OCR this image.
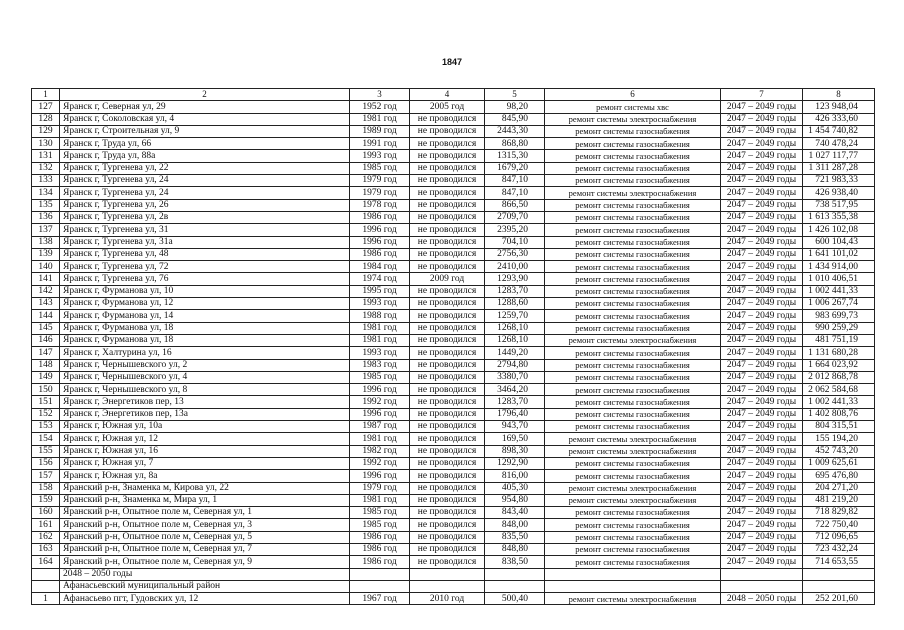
1847
1	2	3	4	5	6	7	8
127	Яранск г, Северная ул, 29	1952 год	2005 год	98,20	ремонт системы хвс	2047 – 2049 годы	123 948,04
128	Яранск г, Соколовская ул, 4	1981 год	не проводился	845,90	ремонт системы электроснабжения	2047 – 2049 годы	426 333,60
129	Яранск г, Строительная ул, 9	1989 год	не проводился	2443,30	ремонт системы газоснабжения	2047 – 2049 годы	1 454 740,82
130	Яранск г, Труда ул, 66	1991 год	не проводился	868,80	ремонт системы газоснабжения	2047 – 2049 годы	740 478,24
131	Яранск г, Труда ул, 88а	1993 год	не проводился	1315,30	ремонт системы газоснабжения	2047 – 2049 годы	1 027 117,77
132	Яранск г, Тургенева ул, 22	1985 год	не проводился	1679,20	ремонт системы газоснабжения	2047 – 2049 годы	1 311 287,28
133	Яранск г, Тургенева ул, 24	1979 год	не проводился	847,10	ремонт системы газоснабжения	2047 – 2049 годы	721 983,33
134	Яранск г, Тургенева ул, 24	1979 год	не проводился	847,10	ремонт системы электроснабжения	2047 – 2049 годы	426 938,40
135	Яранск г, Тургенева ул, 26	1978 год	не проводился	866,50	ремонт системы газоснабжения	2047 – 2049 годы	738 517,95
136	Яранск г, Тургенева ул, 2в	1986 год	не проводился	2709,70	ремонт системы газоснабжения	2047 – 2049 годы	1 613 355,38
137	Яранск г, Тургенева ул, 31	1996 год	не проводился	2395,20	ремонт системы газоснабжения	2047 – 2049 годы	1 426 102,08
138	Яранск г, Тургенева ул, 31а	1996 год	не проводился	704,10	ремонт системы газоснабжения	2047 – 2049 годы	600 104,43
139	Яранск г, Тургенева ул, 48	1986 год	не проводился	2756,30	ремонт системы газоснабжения	2047 – 2049 годы	1 641 101,02
140	Яранск г, Тургенева ул, 72	1984 год	не проводился	2410,00	ремонт системы газоснабжения	2047 – 2049 годы	1 434 914,00
141	Яранск г, Тургенева ул, 76	1974 год	2009 год	1293,90	ремонт системы газоснабжения	2047 – 2049 годы	1 010 406,51
142	Яранск г, Фурманова ул, 10	1995 год	не проводился	1283,70	ремонт системы газоснабжения	2047 – 2049 годы	1 002 441,33
143	Яранск г, Фурманова ул, 12	1993 год	не проводился	1288,60	ремонт системы газоснабжения	2047 – 2049 годы	1 006 267,74
144	Яранск г, Фурманова ул, 14	1988 год	не проводился	1259,70	ремонт системы газоснабжения	2047 – 2049 годы	983 699,73
145	Яранск г, Фурманова ул, 18	1981 год	не проводился	1268,10	ремонт системы газоснабжения	2047 – 2049 годы	990 259,29
146	Яранск г, Фурманова ул, 18	1981 год	не проводился	1268,10	ремонт системы электроснабжения	2047 – 2049 годы	481 751,19
147	Яранск г, Халтурина ул, 16	1993 год	не проводился	1449,20	ремонт системы газоснабжения	2047 – 2049 годы	1 131 680,28
148	Яранск г, Чернышевского ул, 2	1983 год	не проводился	2794,80	ремонт системы газоснабжения	2047 – 2049 годы	1 664 023,92
149	Яранск г, Чернышевского ул, 4	1985 год	не проводился	3380,70	ремонт системы газоснабжения	2047 – 2049 годы	2 012 868,78
150	Яранск г, Чернышевского ул, 8	1996 год	не проводился	3464,20	ремонт системы газоснабжения	2047 – 2049 годы	2 062 584,68
151	Яранск г, Энергетиков пер, 13	1992 год	не проводился	1283,70	ремонт системы газоснабжения	2047 – 2049 годы	1 002 441,33
152	Яранск г, Энергетиков пер, 13а	1996 год	не проводился	1796,40	ремонт системы газоснабжения	2047 – 2049 годы	1 402 808,76
153	Яранск г, Южная ул, 10а	1987 год	не проводился	943,70	ремонт системы газоснабжения	2047 – 2049 годы	804 315,51
154	Яранск г, Южная ул, 12	1981 год	не проводился	169,50	ремонт системы электроснабжения	2047 – 2049 годы	155 194,20
155	Яранск г, Южная ул, 16	1982 год	не проводился	898,30	ремонт системы электроснабжения	2047 – 2049 годы	452 743,20
156	Яранск г, Южная ул, 7	1992 год	не проводился	1292,90	ремонт системы газоснабжения	2047 – 2049 годы	1 009 625,61
157	Яранск г, Южная ул, 8а	1996 год	не проводился	816,00	ремонт системы газоснабжения	2047 – 2049 годы	695 476,80
158	Яранский р-н, Знаменка м, Кирова ул, 22	1979 год	не проводился	405,30	ремонт системы электроснабжения	2047 – 2049 годы	204 271,20
159	Яранский р-н, Знаменка м, Мира ул, 1	1981 год	не проводился	954,80	ремонт системы электроснабжения	2047 – 2049 годы	481 219,20
160	Яранский р-н, Опытное поле м, Северная ул, 1	1985 год	не проводился	843,40	ремонт системы газоснабжения	2047 – 2049 годы	718 829,82
161	Яранский р-н, Опытное поле м, Северная ул, 3	1985 год	не проводился	848,00	ремонт системы газоснабжения	2047 – 2049 годы	722 750,40
162	Яранский р-н, Опытное поле м, Северная ул, 5	1986 год	не проводился	835,50	ремонт системы газоснабжения	2047 – 2049 годы	712 096,65
163	Яранский р-н, Опытное поле м, Северная ул, 7	1986 год	не проводился	848,80	ремонт системы газоснабжения	2047 – 2049 годы	723 432,24
164	Яранский р-н, Опытное поле м, Северная ул, 9	1986 год	не проводился	838,50	ремонт системы газоснабжения	2047 – 2049 годы	714 653,55
	2048 – 2050 годы						
	Афанасьевский муниципальный район						
1	Афанасьево пгт, Гудовских ул, 12	1967 год	2010 год	500,40	ремонт системы электроснабжения	2048 – 2050 годы	252 201,60
